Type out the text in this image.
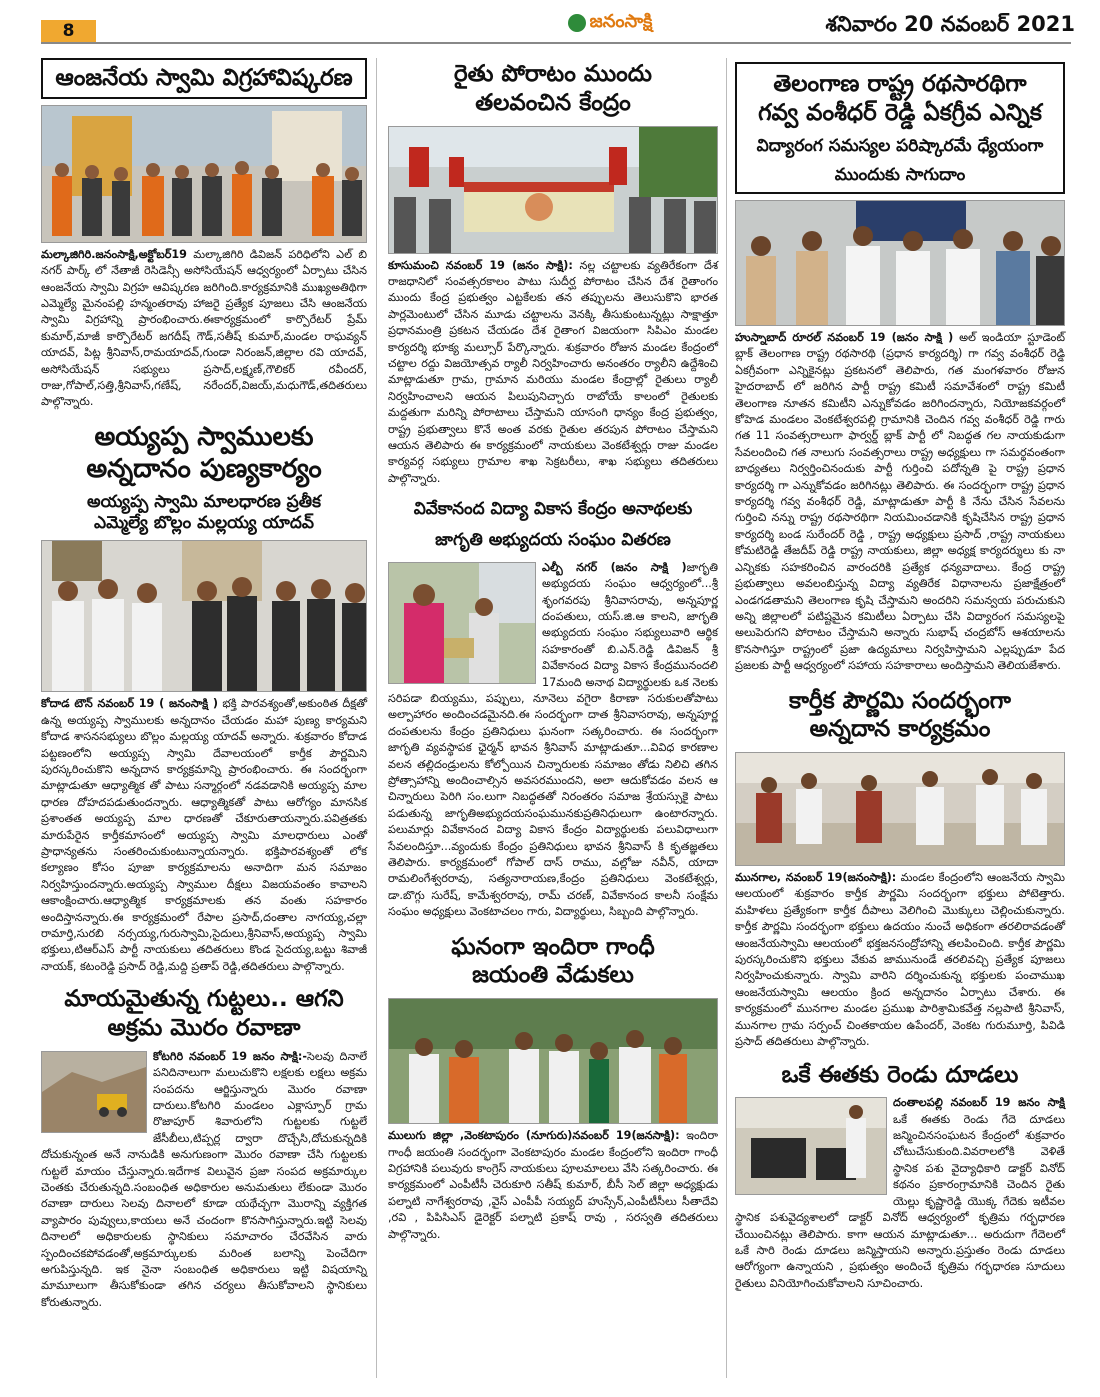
8	జనంసాక్షి	శనివారం 20 నవంబర్ 2021
ఆంజనేయ స్వామి విగ్రహావిష్కరణ

మల్కాజిగిరి.జనంసాక్షి,అక్టోబర్19 మల్కాజిగిరి డివిజన్ పరిధిలోని ఎల్ బి నగర్ పార్క్ లో నేతాజీ రెసిడెన్సీ అసోసియేషన్ ఆధ్వర్యంలో ఏర్పాటు చేసిన ఆంజనేయ స్వామి విగ్రహ ఆవిష్కరణ జరిగింది.కార్యక్రమానికి ముఖ్యఅతిథిగా ఎమ్మెల్యే మైనంపల్లి హన్మంతరావు హాజరై ప్రత్యేక పూజలు చేసి ఆంజనేయ స్వామి విగ్రహాన్ని ప్రారంభించారు.ఈకార్యక్రమంలో కార్పొరేటర్ ప్రేమ్ కుమార్,మాజీ కార్పొరేటర్ జగదీష్ గౌడ్,సతీష్ కుమార్,మండల రాఘవ్యన్ యాదవ్, పిట్ల శ్రీనివాస్,రామయాదవ్,గుండా నిరంజన్,జిల్లాల రవి యాదవ్, అసోసియేషన్ సభ్యులు ప్రసాద్,లక్ష్మణ్,గౌలికర్ రవీందర్, రాజు,గోపాల్,సత్తి,శ్రీనివాస్,గణేష్, నరేందర్,విజయ్,మధుగౌడ్,తదితరులు పాల్గొన్నారు.

అయ్యప్ప స్వాములకు
అన్నదానం పుణ్యకార్యం
అయ్యప్ప స్వామి మాలధారణ ప్రతీక
ఎమ్మెల్యే బొల్లం మల్లయ్య యాదవ్

కోదాడ టౌన్ నవంబర్ 19 ( జనంసాక్షి ) భక్తి పారవశ్యంతో,అకుంఠిత దీక్షతో ఉన్న అయ్యప్ప స్వాములకు అన్నదానం చేయడం మహా పుణ్య కార్యమని కోదాడ శాసనసభ్యులు బొల్లం మల్లయ్య యాదవ్ అన్నారు. శుక్రవారం కోదాడ పట్టణంలోని అయ్యప్ప స్వామి దేవాలయంలో కార్తీక పౌర్ణమిని పురస్కరించుకొని అన్నదాన కార్యక్రమాన్ని ప్రారంభించారు. ఈ సందర్భంగా మాట్లాడుతూ ఆధ్యాత్మిక తో పాటు సన్మార్గంలో నడవడానికి అయ్యప్ప మాల ధారణ దోహదపడుతుందన్నారు. ఆధ్యాత్మికతో పాటు ఆరోగ్యం మానసిక ప్రశాంతత అయ్యప్ప మాల ధారణతో చేకూరుతాయన్నారు.పవిత్రతకు మారుపేరైన కార్తీకమాసంలో అయ్యప్ప స్వామి మాలధారులు ఎంతో ప్రాధాన్యతను సంతరించుకుంటున్నాయన్నారు. భక్తిపారవశ్యంతో లోక కల్యాణం కోసం పూజా కార్యక్రమాలను అనాదిగా మన సమాజం నిర్వహిస్తుందన్నారు.అయ్యప్ప స్వాముల దీక్షలు విజయవంతం కావాలని ఆకాంక్షించారు.ఆధ్యాత్మిక కార్యక్రమాలకు తన వంతు సహకారం అందిస్తానన్నారు.ఈ కార్యక్రమంలో రేపాల ప్రసాద్,దంతాల నాగయ్య,చల్లా రామార్తి,సురబి నర్సయ్య,గురుస్వామి,సైదులు,శ్రీనివాస్,అయ్యప్ప స్వామి భక్తులు,టిఆర్ఎస్ పార్టీ నాయకులు తదితరులు కొండ సైదయ్య,బట్టు శివాజీ నాయక్, కటంరెడ్డి ప్రసాద్ రెడ్డి,మద్ది ప్రతాప్ రెడ్డి,తదితరులు పాల్గొన్నారు.

మాయమైతున్న గుట్టలు.. ఆగని
అక్రమ మొరం రవాణా

కోటగిరి నవంబర్ 19 జనం సాక్షి:-సెలవు దినాలే పనిదినాలుగా మలుచుకొని లక్షలకు లక్షలు అక్రమ సంపదను ఆర్జిస్తున్నారు మొరం రవాణా దారులు.కోటగిరి మండలం ఎక్లాస్పూర్ గ్రామ రొజాపూర్ శివారులోని గుట్టలకు గుట్టలే జేసీబీలు,టిప్పర్ల ద్వారా దొచ్చేసి,దోచుకున్నదికి దోచుకున్నంత అనే నానుడికి అనుగుణంగా మొరం రవాణా చేసి గుట్టలకు గుట్టలే మాయం చేస్తున్నారు.ఇదేగాక విలువైన ప్రజా సంపద అక్రమార్కుల చెంతకు చేరుతున్నది.సంబంధిత అధికారుల అనుమతులు లేకుండా మొరం రవాణా దారులు సెలవు దినాలలో కూడా యథేచ్ఛగా మొరాన్ని వ్యక్తిగత వ్యాపారం పువ్వులు,కాయలు అనే చందంగా కొనసాగిస్తున్నారు.ఇట్టి సెలవు దినాలలో అధికారులకు స్థానికులు సమాచారం చేరవేసిన వారు స్పందించకపోవడంతో,అక్రమార్కులకు మరింత బలాన్ని పెంచేదిగా అగుపిస్తున్నది. ఇక నైనా సంబంధిత అధికారులు ఇట్టి విషయాన్ని మామూలుగా తీసుకోకుండా తగిన చర్యలు తీసుకోవాలని స్థానికులు కోరుతున్నారు.

రైతు పోరాటం ముందు
తలవంచిన కేంద్రం

కూసుమంచి నవంబర్ 19 (జనం సాక్షి): నల్ల చట్టాలకు వ్యతిరేకంగా దేశ రాజధానిలో సంవత్సరకాలం పాటు సుదీర్ఘ పోరాటం చేసిన దేశ రైతాంగం ముందు కేంద్ర ప్రభుత్వం ఎట్టకేలకు తన తప్పులను తెలుసుకొని భారత పార్లమెంటులో చేసిన మూడు చట్టాలను వెనక్కి తీసుకుంటున్నట్లు సాక్షాత్తూ ప్రధానమంత్రి ప్రకటన చేయడం దేశ రైతాంగ విజయంగా సిపిఎం మండల కార్యదర్శి భూక్య మల్సూర్ పేర్కొన్నారు. శుక్రవారం రోజున మండల కేంద్రంలో చట్టాల రద్దు విజయోత్సవ ర్యాలీ నిర్వహించారు అనంతరం ర్యాలీని ఉద్దేశించి మాట్లాడుతూ గ్రామ, గ్రామాన మరియు మండల కేంద్రాల్లో రైతులు ర్యాలీ నిర్వహించాలని ఆయన పిలుపునిచ్చారు రాబోయే కాలంలో రైతులకు మద్దతుగా మరిన్ని పోరాటాలు చేస్తామని యాసంగి ధాన్యం కేంద్ర ప్రభుత్వం, రాష్ట్ర ప్రభుత్వాలు కొనే అంత వరకు రైతుల తరపున పోరాటం చేస్తామని ఆయన తెలిపారు ఈ కార్యక్రమంలో నాయకులు వెంకటేశ్వర్లు రాజు మండల కార్యవర్గ సభ్యులు గ్రామాల శాఖ సెక్రటరీలు, శాఖ సభ్యులు తదితరులు పాల్గొన్నారు.

వివేకానంద విద్యా వికాస కేంద్రం అనాథలకు
జాగృతి అభ్యుదయ సంఘం వితరణ

ఎల్బీ నగర్ (జనం సాక్షి )జాగృతి అభ్యుదయ సంఘం ఆధ్వర్యంలో...శ్రీ శృంగవరపు శ్రీనివాసరావు, అన్నపూర్ణ దంపతులు, యస్.జి.ఆ కాలని, జాగృతి అభ్యుదయ సంఘం సభ్యులువారి ఆర్థిక సహకారంతో బి.ఎన్.రెడ్డి డివిజన్ శ్రీ వివేకానంద విద్యా వికాస కేంద్రమునందలి 17మంది అనాథ విద్యార్థులకు ఒక నెలకు సరిపడా బియ్యము, పప్పులు, నూనెలు వగైరా కిరాణా సరుకులతోపాటు అల్పాహారం అందించడమైనది.ఈ సందర్భంగా దాత శ్రీనివాసరావు, అన్నపూర్ణ దంపతులను కేంద్రం ప్రతినిధులు ఘనంగా సత్కరించారు. ఈ సందర్భంగా జాగృతి వ్యవస్థాపక ఛైర్మన్ భావన శ్రీనివాస్ మాట్లాడుతూ...వివిధ కారణాల వలన తల్లిదండ్రులను కోల్పోయిన చిన్నారులకు సమాజం తోడు నిలిచి తగిన ప్రోత్సాహాన్ని అందించాల్సిన అవసరముందని, అలా ఆదుకోవడం వలన ఆ చిన్నారులు పెరిగి సం.లుగా నిబద్ధతతో నిరంతరం సమాజ శ్రేయస్సుకై పాటు పడుతున్న జాగృతిఅభ్యుదయసంఘమునకుప్రతినిధులుగా ఉంటారన్నారు. పలుమార్లు వివేకానంద విద్యా వికాస కేంద్రం విద్యార్థులకు పలువిధాలుగా సేవలందిస్తూ...వ్యందుకు కేంద్రం ప్రతినిధులు భావన శ్రీనివాస్ కి కృతజ్ఞతలు తెలిపారు. కార్యక్రమంలో గోపాల్ దాస్ రాము, వల్లోజు నవీన్, యాదా రామలింగేశ్వరరావు, సత్యనారాయణ,కేంద్రం ప్రతినిధులు వెంకటేశ్వర్లు, డా.బొగ్గు సురేష్, కామేశ్వరరావు, రామ్ చరణ్, వివేకానంద కాలనీ సంక్షేమ సంఘం అధ్యక్షులు వెంకటాచలం గారు, విద్యార్థులు, సిబ్బంది పాల్గొన్నారు.

ఘనంగా ఇందిరా గాంధీ
జయంతి వేడుకలు

ములుగు జిల్లా ,వెంకటాపురం (నూగురు)నవంబర్ 19(జనసాక్షి): ఇందిరా గాంధీ జయంతి సందర్భంగా వెంకటాపురం మండల కేంద్రంలోని ఇందిరా గాంధీ విగ్రహానికి పలువురు కాంగ్రెస్ నాయకులు పూలమాలలు వేసి సత్కరించారు. ఈ కార్యక్రమంలో ఎంపీటీసీ చెరుకూరి సతీష్ కుమార్, బీసీ సెల్ జిల్లా అధ్యక్షుడు పల్నాటి నాగేశ్వరరావు ,వైస్ ఎంపీపీ సయ్యద్ హుస్సేన్,ఎంపీటీసీలు సీతాదేవి ,రవి , పిపిసిఎస్ డైరెక్టర్ పల్నాటి ప్రకాష్ రావు , సరస్వతి తదితరులు పాల్గొన్నారు.

తెలంగాణ రాష్ట్ర రథసారథిగా
గవ్వ వంశీధర్ రెడ్డి ఏకగ్రీవ ఎన్నిక
విద్యారంగ సమస్యల పరిష్కారమే ధ్యేయంగా
ముందుకు సాగుదాం

హుస్నాబాద్ రూరల్ నవంబర్ 19 (జనం సాక్షి ) అల్ ఇండియా స్టూడెంట్ బ్లాక్ తెలంగాణ రాష్ట్ర రథసారథి (ప్రధాన కార్యదర్శి) గా గవ్వ వంశీధర్ రెడ్డి ఏకగ్రీవంగా ఎన్నికైనట్లు ప్రకటనలో తెలిపారు, గత మంగళవారం రోజున హైదరాబాద్ లో జరిగిన పార్టీ రాష్ట్ర కమిటీ సమావేశంలో రాష్ట్ర కమిటీ తెలంగాణ నూతన కమిటీని ఎన్నుకోవడం జరిగిందన్నారు, నియోజకవర్గంలో కోహెడ మండలం వెంకటేశ్వరపల్లి గ్రామానికి చెందిన గవ్వ వంశీధర్ రెడ్డి గారు గత 11 సంవత్సరాలుగా ఫార్వర్డ్ బ్లాక్ పార్టీ లో నిబద్ధత గల నాయకుడుగా సేవలందించి గత నాలుగు సంవత్సరాలు రాష్ట్ర అధ్యక్షులు గా సమర్థవంతంగా బాధ్యతలు నిర్వర్తించినందుకు పార్టీ గుర్తించి పదోన్నతి పై రాష్ట్ర ప్రధాన కార్యదర్శి గా ఎన్నుకోవడం జరిగినట్లు తెలిపారు. ఈ సందర్భంగా రాష్ట్ర ప్రధాన కార్యదర్శి గవ్వ వంశీధర్ రెడ్డి, మాట్లాడుతూ పార్టీ కి నేను చేసిన సేవలను గుర్తించి నన్ను రాష్ట్ర రథసారథిగా నియమించడానికి కృషిచేసిన రాష్ట్ర ప్రధాన కార్యదర్శి బండ సురేందర్ రెడ్డి , రాష్ట్ర అధ్యక్షులు ప్రసాద్ ,రాష్ట్ర నాయకులు కోమటిరెడ్డి తేజదీప్ రెడ్డి రాష్ట్ర నాయకులు, జిల్లా అధ్యక్ష కార్యదర్శులు కు నా ఎన్నికకు సహకరించిన వారందరికి ప్రత్యేక ధన్యవాదాలు. కేంద్ర రాష్ట్ర ప్రభుత్వాలు అవలంబిస్తున్న విద్యా వ్యతిరేక విధానాలను ప్రజాక్షేత్రంలో ఎండగడతామని తెలంగాణ కృషి చేస్తామని అందరిని సమన్వయ పరుచుకుని అన్ని జిల్లాలలో పటిష్టమైన కమిటీలు ఏర్పాటు చేసి విద్యారంగ సమస్యలపై అలుపెరుగని పోరాటం చేస్తామని అన్నారు సుభాష్ చంద్రబోస్ ఆశయాలను కొనసాగిస్తూ రాష్ట్రంలో ప్రజా ఉద్యమాలు నిర్వహిస్తామని ఎల్లప్పుడూ పేద ప్రజలకు పార్టీ ఆధ్వర్యంలో సహాయ సహకారాలు అందిస్తామని తెలియజేశారు.

కార్తీక పౌర్ణమి సందర్భంగా
అన్నదాన కార్యక్రమం

మునగాల, నవంబర్ 19(జనంసాక్షి): మండల కేంద్రంలోని ఆంజనేయ స్వామి ఆలయంలో శుక్రవారం కార్తీక పౌర్ణమి సందర్భంగా భక్తులు పోటెత్తారు. మహిళలు ప్రత్యేకంగా కార్తీక దీపాలు వెలిగించి మొక్కులు చెల్లించుకున్నారు. కార్తీక పౌర్ణమి సందర్భంగా భక్తులు ఉదయం నుంచే అధికంగా తరలిరావడంతో ఆంజనేయస్వామి ఆలయంలో భక్తజనసంద్రోహాన్ని తలపించింది. కార్తీక పౌర్ణమి పురస్కరించుకొని భక్తులు వేకువ జామునుండే తరలివచ్చి ప్రత్యేక పూజలు నిర్వహించుకున్నారు. స్వామి వారిని దర్శించుకున్న భక్తులకు పంచాముఖ ఆంజనేయస్వామి ఆలయం క్రింద అన్నదానం ఏర్పాటు చేశారు. ఈ కార్యక్రమంలో మునగాల మండల ప్రముఖ పారిశ్రామికవేత్త నల్లపాటి శ్రీనివాస్, మునగాల గ్రామ సర్పంచ్ చింతకాయల ఉపేందర్, వెంకట గురుమూర్తి, పివిడి ప్రసాద్ తదితరులు పాల్గొన్నారు.

ఒకే ఈతకు రెండు దూడలు

దంతాలపల్లి నవంబర్ 19 జనం సాక్షి ఒకే ఈతకు రెండు గేదె దూడలు జన్మించినసంఘటన కేంద్రంలో శుక్రవారం చోటుచేసుకుంది.వివరాలలోకి వెళితే స్థానిక పశు వైద్యాధికారి డాక్టర్ వినోద్ కథనం ప్రకారంగ్రామానికి చెందిన రైతు యెల్లు కృష్ణారెడ్డి యొక్క గేదెకు ఇటీవల స్థానిక పశువైద్యశాలలో డాక్టర్ వినోద్ ఆధ్వర్యంలో కృత్రిమ గర్భధారణ చేయించినట్లు తెలిపారు. కాగా ఆయన మాట్లాడుతూ... అరుదుగా గేదెలలో ఒకే సారి రెండు దూడలు జన్మిస్తాయని అన్నారు.ప్రస్తుతం రెండు దూడలు ఆరోగ్యంగా ఉన్నాయని , ప్రభుత్వం అందించే కృత్రిమ గర్భధారణ సూదులు రైతులు వినియోగించుకోవాలని సూచించారు.
